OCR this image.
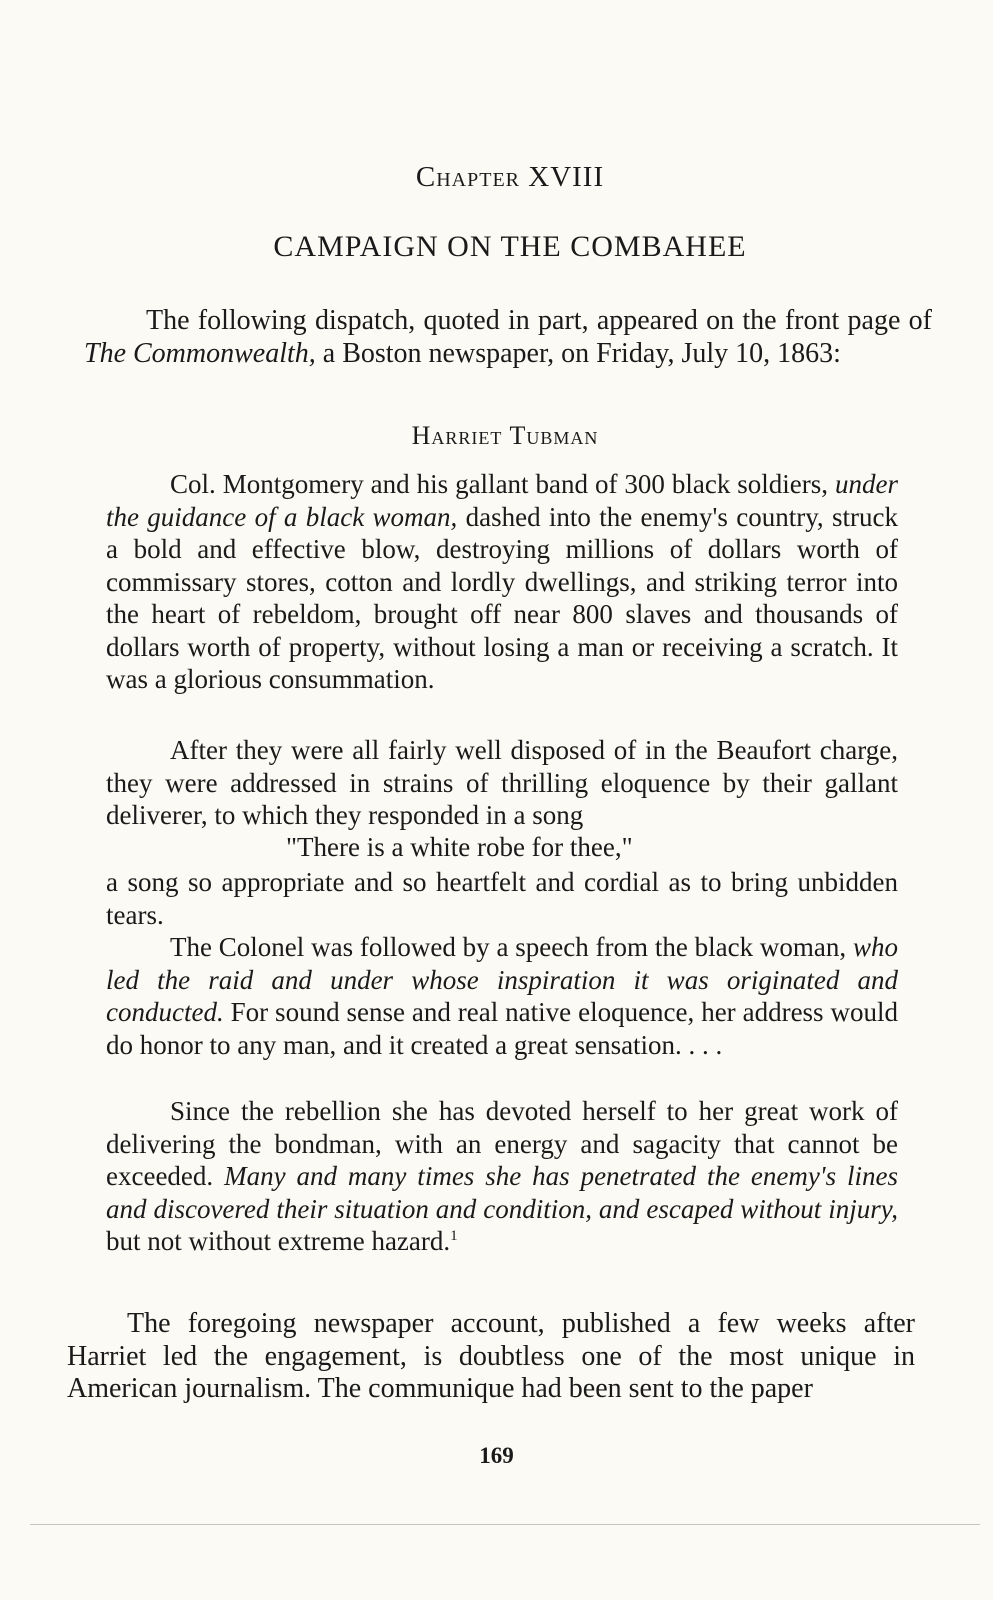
Chapter XVIII
CAMPAIGN ON THE COMBAHEE

The following dispatch, quoted in part, appeared on the front page of The Commonwealth, a Boston newspaper, on Friday, July 10, 1863:

Harriet Tubman

Col. Montgomery and his gallant band of 300 black soldiers, under the guidance of a black woman, dashed into the enemy's country, struck a bold and effective blow, destroying millions of dollars worth of commissary stores, cotton and lordly dwellings, and striking terror into the heart of rebeldom, brought off near 800 slaves and thousands of dollars worth of property, without losing a man or receiving a scratch. It was a glorious consummation.

After they were all fairly well disposed of in the Beaufort charge, they were addressed in strains of thrilling eloquence by their gallant deliverer, to which they responded in a song

"There is a white robe for thee,"

a song so appropriate and so heartfelt and cordial as to bring unbidden tears.

The Colonel was followed by a speech from the black woman, who led the raid and under whose inspiration it was originated and conducted. For sound sense and real native eloquence, her address would do honor to any man, and it created a great sensation. . . .

Since the rebellion she has devoted herself to her great work of delivering the bondman, with an energy and sagacity that cannot be exceeded. Many and many times she has penetrated the enemy's lines and discovered their situation and condition, and escaped without injury, but not without extreme hazard.$^1$

The foregoing newspaper account, published a few weeks after Harriet led the engagement, is doubtless one of the most unique in American journalism. The communique had been sent to the paper

169
